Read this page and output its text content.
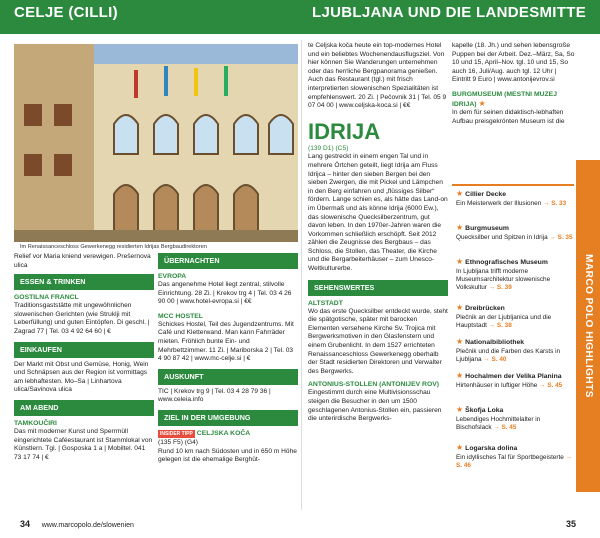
CELJE (CILLI)	LJUBLJANA UND DIE LANDESMITTE
Im Renaissanceschloss Gewerkenegg residierten Idrijas Bergbaudirektoren
Relief vor Maria kniend verewigen. Prešernova ulica
ESSEN & TRINKEN
GOSTILNA FRANCL
Traditionsgaststätte mit ungewöhnlichen slowenischen Gerichten (wie Struklji mit Leberfüllung) und guten Eintöpfen. Di geschl. | Zagrad 77 | Tel. 03 4 92 64 60 | €
EINKAUFEN
Der Markt mit Obst und Gemüse, Honig, Wein und Schnäpsen aus der Region ist vormittags am lebhaftesten. Mo–Sa | Linhartova ulica/Savinova ulica
AM ABEND
TAMKOUČIRI
Das mit moderner Kunst und Sperrmüll eingerichtete Caféestaurant ist Stammlokal von Künstlern. Tgl. | Gosposka 1 a | Mobiltel. 041 73 17 74 | €
ÜBERNACHTEN
EVROPA
Das angenehme Hotel liegt zentral, stilvolle Einrichtung. 28 Zi. | Krekov trg 4 | Tel. 03 4 26 90 00 | www.hotel-evropa.si | €€
MCC HOSTEL
Schickes Hostel, Teil des Jugendzentrums. Mit Café und Kletterwand. Man kann Fahrräder mieten. Fröhlich bunte Ein- und Mehrbettzimmer. 11 Zi. | Mariborska 2 | Tel. 03 4 90 87 42 | www.mc-celje.si | €
AUSKUNFT
TIC | Krekov trg 9 | Tel. 03 4 28 79 36 | www.celeia.info
ZIEL IN DER UMGEBUNG
INSIDER TIPP CELJSKA KOČA
(135 F5) (G4)
Rund 10 km nach Südosten und in 650 m Höhe gelegen ist die ehemalige Berghüt-
te Celjska koča heute ein top-modernes Hotel und ein beliebtes Wochenendausflugsziel. Von hier können Sie Wanderungen unternehmen oder das herrliche Bergpanorama genießen. Auch das Restaurant (tgl.) mit frisch interpretierten slowenischen Spezialitäten ist empfehlenswert. 20 Zi. | Pečovnik 31 | Tel. 05 9 07 04 00 | www.celjska-koca.si | €€
IDRIJA
(139 D1) (C5)
Lang gestreckt in einem engen Tal und in mehrere Örtchen geteilt, liegt Idrija am Fluss Idrijca – hinter den sieben Bergen bei den sieben Zwergen, die mit Pickel und Lämpchen in den Berg einfahren und „flüssiges Silber“ fördern. Lange schien es, als hätte das Land-on im Übermaß und als könne Idrija (6000 Ew.), das slowenische Quecksilberzentrum, gut davon leben. In den 1970er-Jahren waren die Vorkommen schließlich erschöpft. Seit 2012 zählen die Zeugnisse des Bergbaus – das Schloss, die Stollen, das Theater, die Kirche und die Bergarbeiterhäuser – zum Unesco-Weltkulturerbe.
SEHENSWERTES
ALTSTADT
Wo das erste Quecksilber entdeckt wurde, steht die spätgotische, später mit barocken Elementen versehene Kirche Sv. Trojica mit Bergwerksmotiven in den Glasfenstern und einem Grubenlicht. In dem 1527 errichteten Renaissanceschloss Gewerkenegg oberhalb der Stadt residierten Direktoren und Verwalter des Bergwerks.
ANTONIUS-STOLLEN (ANTONIJEV ROV)
Eingestimmt durch eine Multivisionsschau steigen die Besucher in den um 1500 geschlagenen Antonius-Stollen ein, passieren die unterirdische Bergwerks-
kapelle (18. Jh.) und sehen lebensgroße Puppen bei der Arbeit. Dez.–März, Sa, So 10 und 15, April–Nov. tgl. 10 und 15, So auch 16, Juli/Aug. auch tgl. 12 Uhr | Eintritt 9 Euro | www.antonijevrov.si
BURGMUSEUM (MESTNI MUZEJ IDRIJA) ★
In dem für seinen didaktisch-lebhaften Aufbau preisgekrönten Museum ist die
★ Cillier Decke
Ein Meisterwerk der Illusionen → S. 33
★ Burgmuseum
Quecksilber und Spitzen in Idrija → S. 35
★ Ethnografisches Museum
In Ljubljana trifft moderne Museumsarchitektur slowenische Volkskultur → S. 39
★ Dreibrücken
Plečnik an der Ljubljanica und die Hauptstadt → S. 38
★ Nationalbibliothek
Plečnik und die Farben des Karsts in Ljubljana → S. 40
★ Hochalmen der Velika Planina
Hirtenhäuser in luftiger Höhe → S. 45
★ Škofja Loka
Lebendiges Hochmittelalter in Bischofslack → S. 45
★ Logarska dolina
Ein idyllisches Tal für Sportbegeisterte → S. 46
MARCO POLO HIGHLIGHTS
34 www.marcopolo.de/slowenien	35
